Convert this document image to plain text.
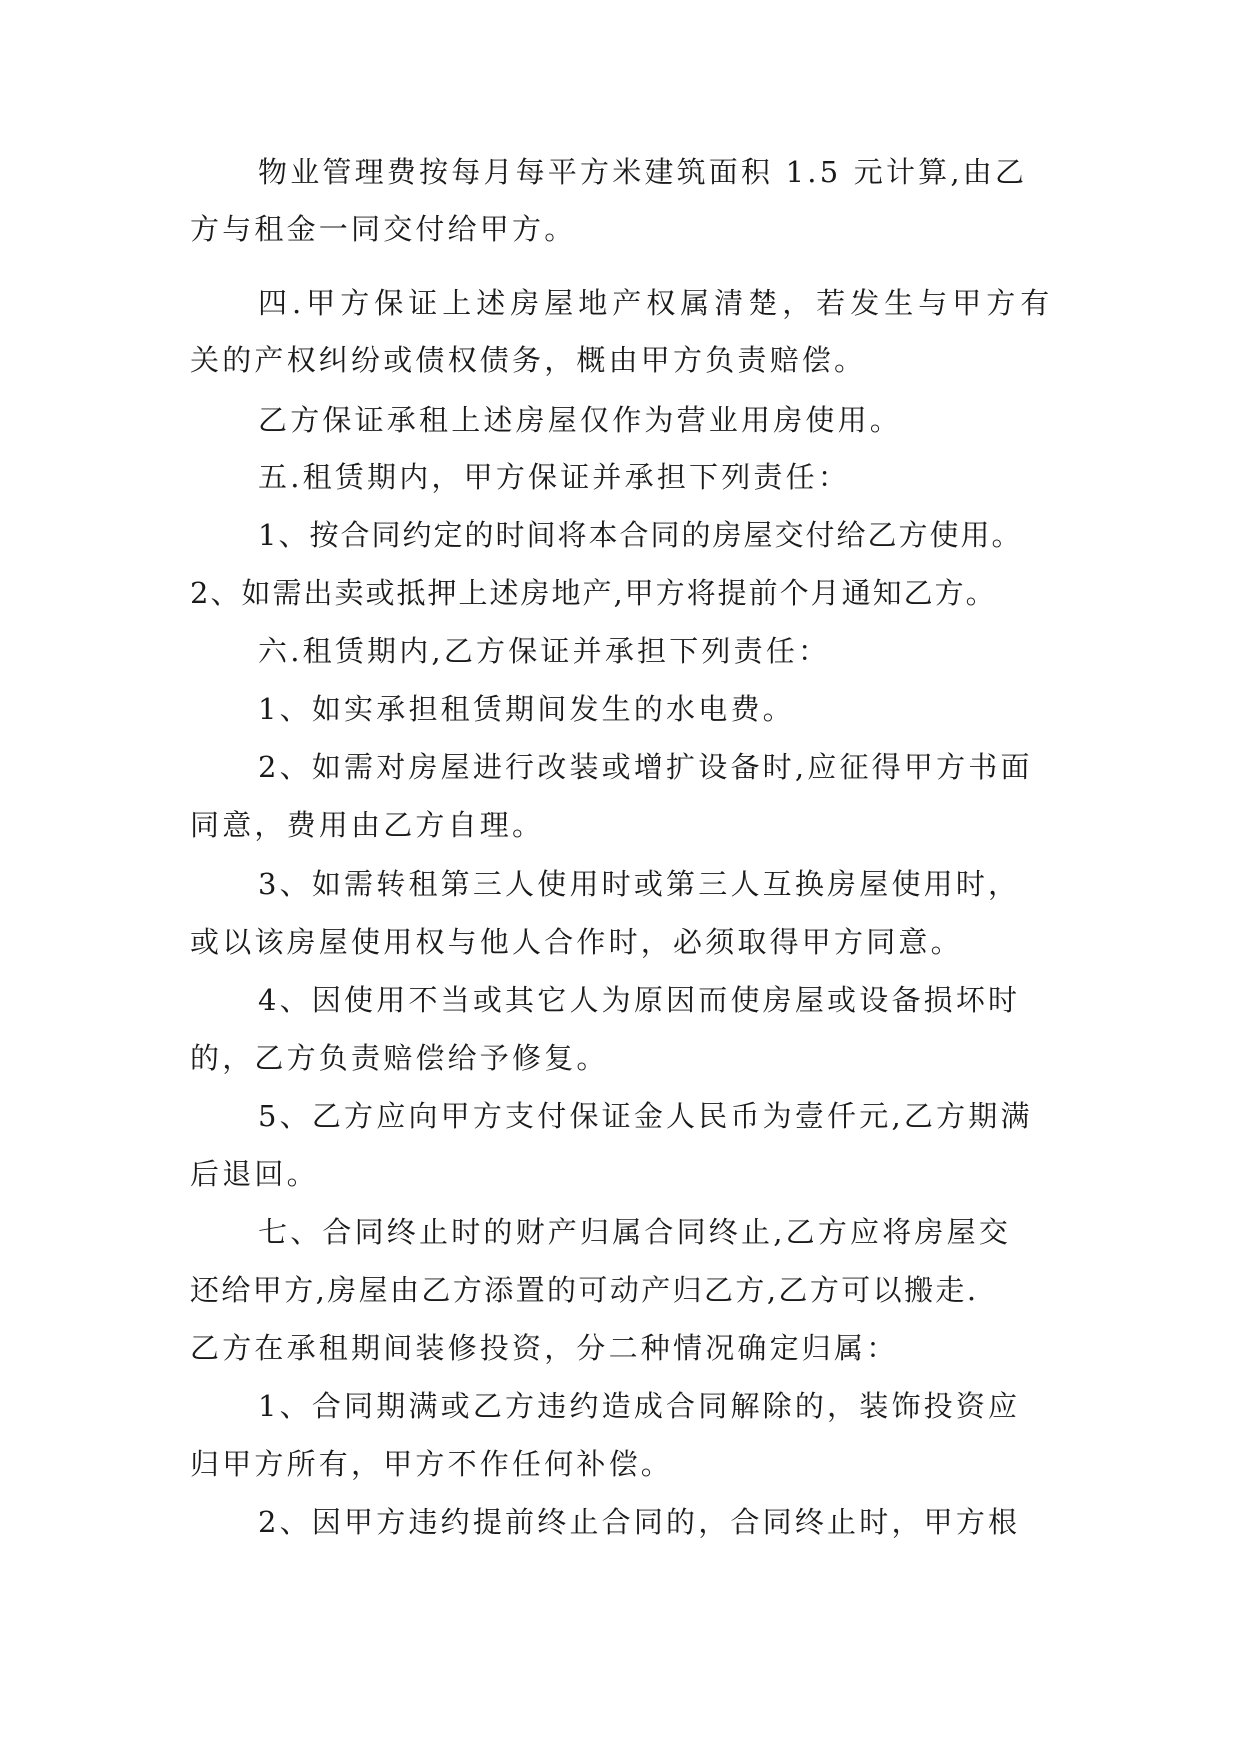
物业管理费按每月每平方米建筑面积 1.5 元计算,由乙
方与租金一同交付给甲方。
四.甲方保证上述房屋地产权属清楚，若发生与甲方有
关的产权纠纷或债权债务，概由甲方负责赔偿。
乙方保证承租上述房屋仅作为营业用房使用。
五.租赁期内，甲方保证并承担下列责任：
1、按合同约定的时间将本合同的房屋交付给乙方使用。
2、如需出卖或抵押上述房地产,甲方将提前个月通知乙方。
六.租赁期内,乙方保证并承担下列责任：
1、如实承担租赁期间发生的水电费。
2、如需对房屋进行改装或增扩设备时,应征得甲方书面
同意，费用由乙方自理。
3、如需转租第三人使用时或第三人互换房屋使用时，
或以该房屋使用权与他人合作时，必须取得甲方同意。
4、因使用不当或其它人为原因而使房屋或设备损坏时
的，乙方负责赔偿给予修复。
5、乙方应向甲方支付保证金人民币为壹仟元,乙方期满
后退回。
七、合同终止时的财产归属合同终止,乙方应将房屋交
还给甲方,房屋由乙方添置的可动产归乙方,乙方可以搬走.
乙方在承租期间装修投资，分二种情况确定归属：
1、合同期满或乙方违约造成合同解除的，装饰投资应
归甲方所有，甲方不作任何补偿。
2、因甲方违约提前终止合同的，合同终止时，甲方根
